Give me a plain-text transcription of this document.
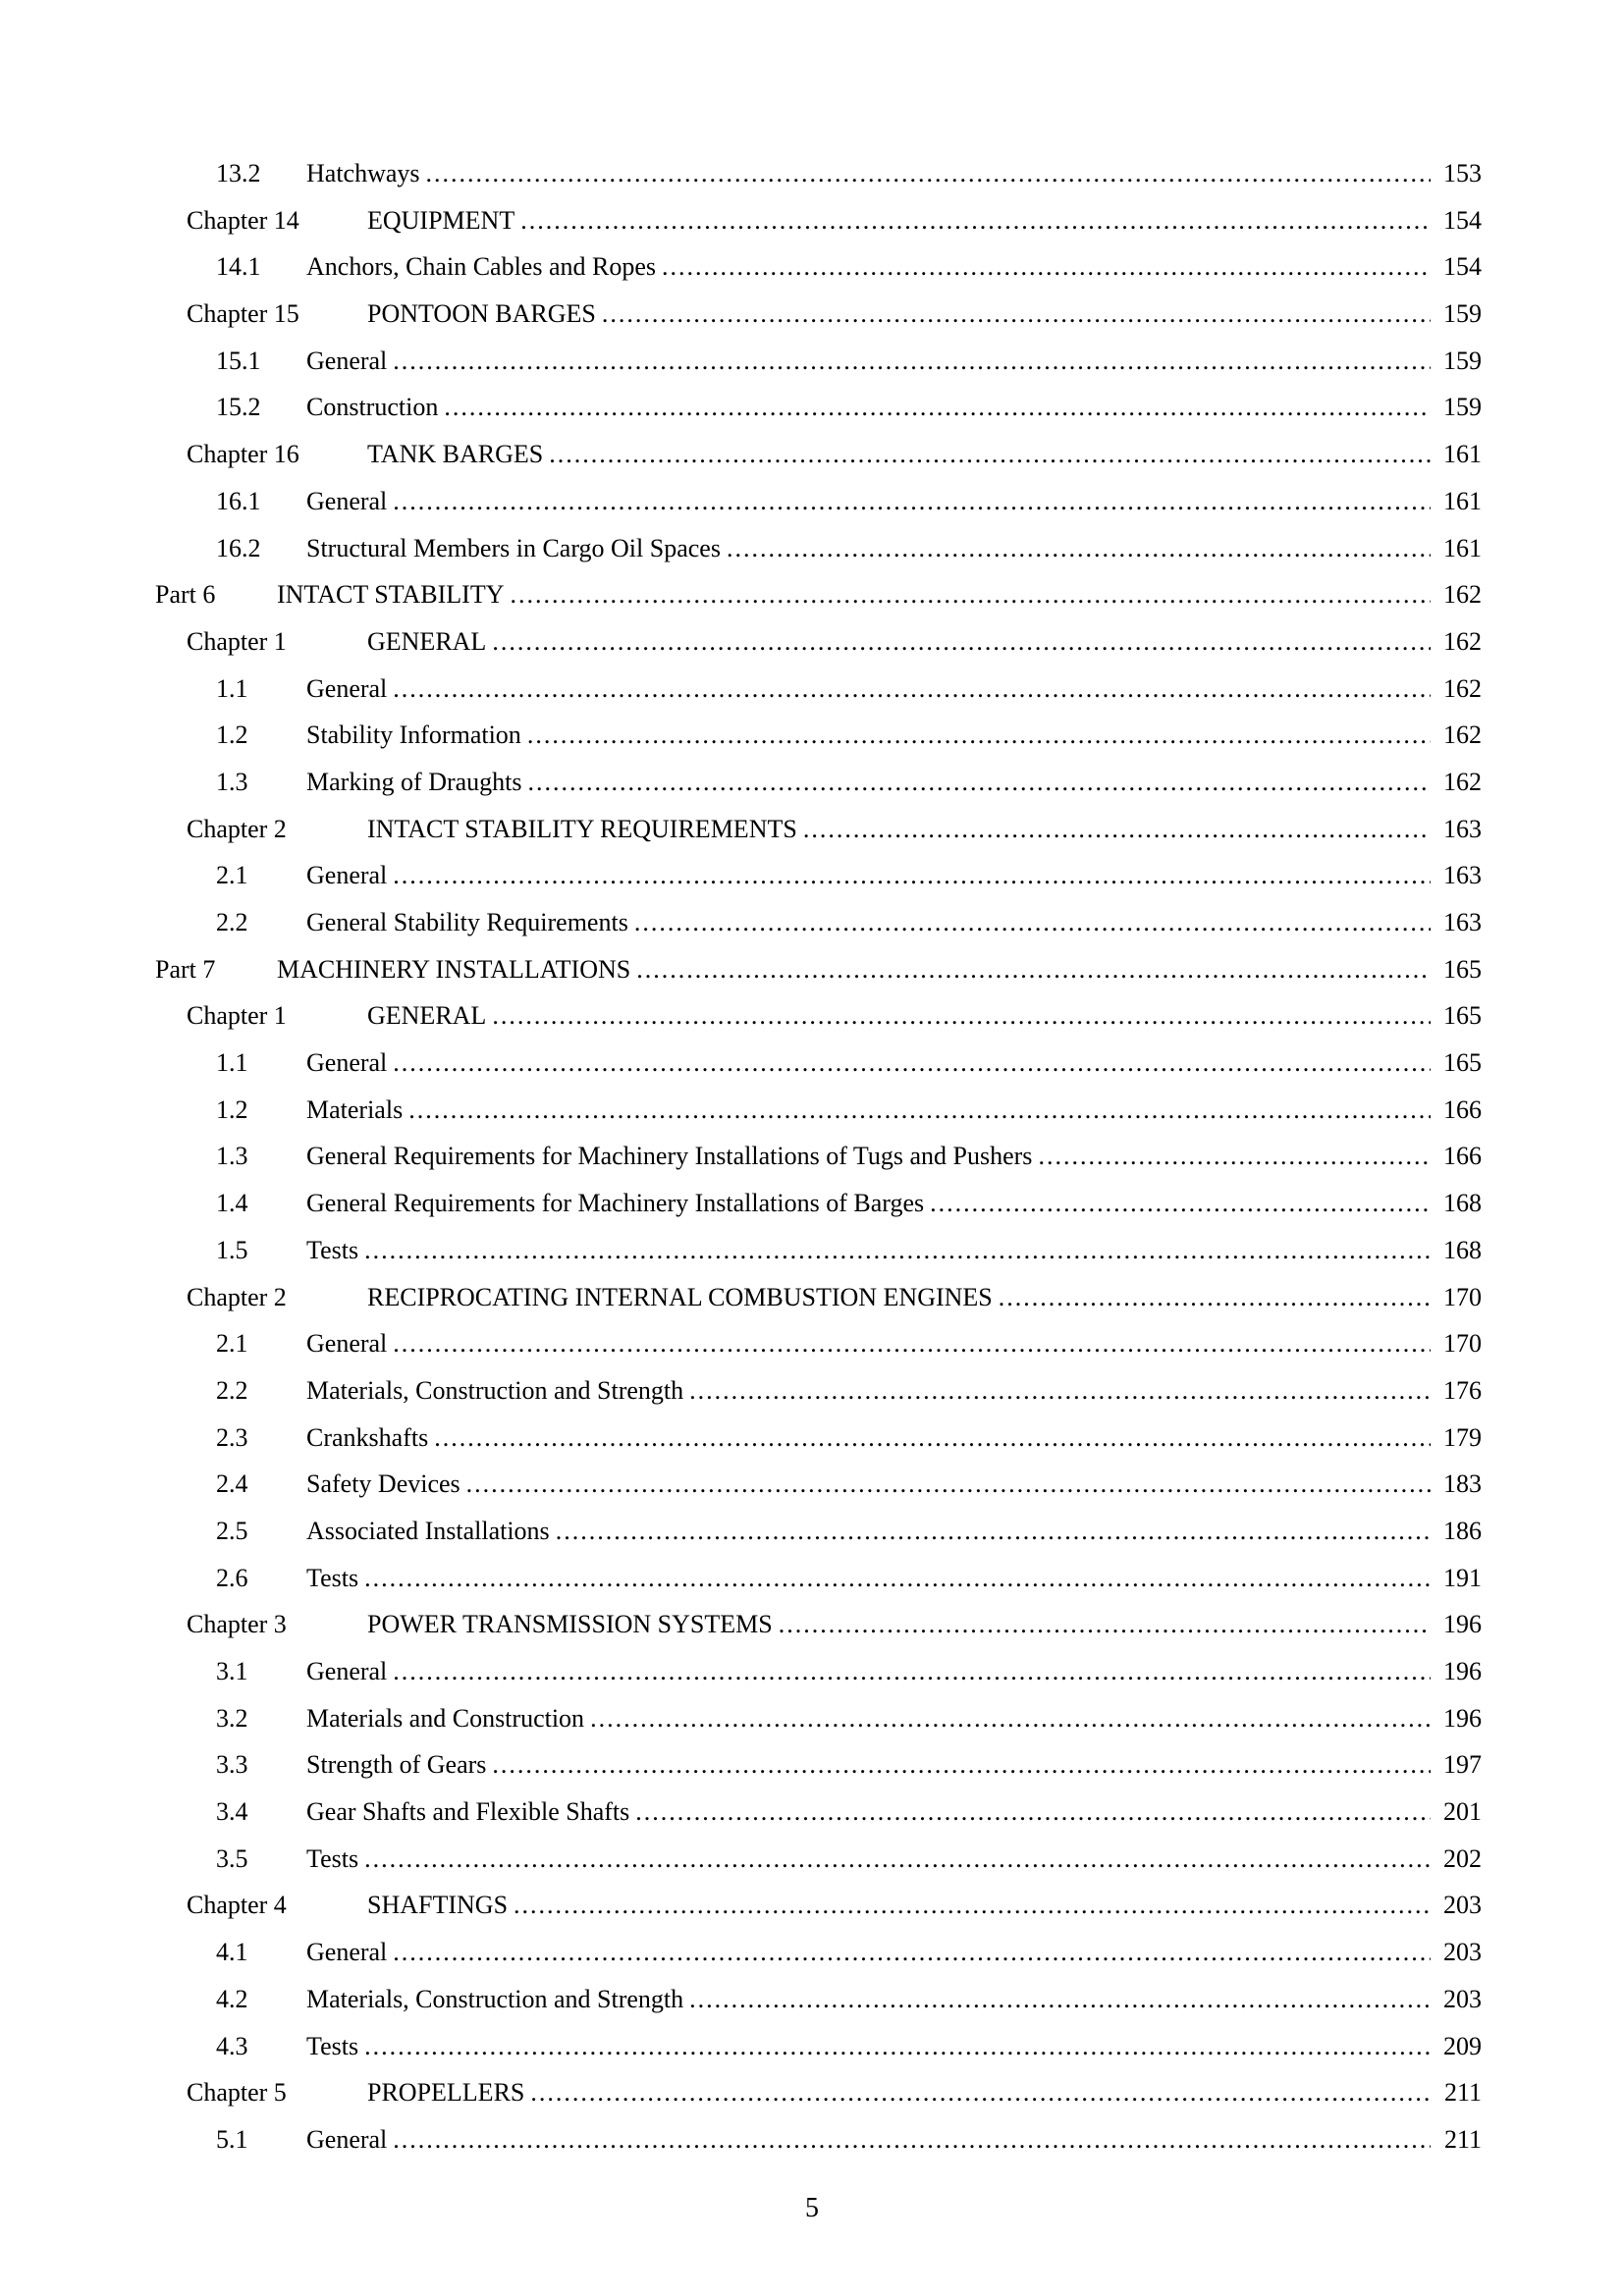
13.2 Hatchways .....	153
Chapter 14	EQUIPMENT .....	154
14.1 Anchors, Chain Cables and Ropes .....	154
Chapter 15	PONTOON BARGES .....	159
15.1 General .....	159
15.2 Construction .....	159
Chapter 16	TANK BARGES .....	161
16.1 General .....	161
16.2 Structural Members in Cargo Oil Spaces .....	161
Part 6 INTACT STABILITY .....	162
Chapter 1	GENERAL .....	162
1.1 General .....	162
1.2 Stability Information .....	162
1.3 Marking of Draughts .....	162
Chapter 2	INTACT STABILITY REQUIREMENTS .....	163
2.1 General .....	163
2.2 General Stability Requirements .....	163
Part 7 MACHINERY INSTALLATIONS .....	165
Chapter 1	GENERAL .....	165
1.1 General .....	165
1.2 Materials .....	166
1.3 General Requirements for Machinery Installations of Tugs and Pushers .....	166
1.4 General Requirements for Machinery Installations of Barges .....	168
1.5 Tests .....	168
Chapter 2	RECIPROCATING INTERNAL COMBUSTION ENGINES .....	170
2.1 General .....	170
2.2 Materials, Construction and Strength .....	176
2.3 Crankshafts .....	179
2.4 Safety Devices .....	183
2.5 Associated Installations .....	186
2.6 Tests .....	191
Chapter 3	POWER TRANSMISSION SYSTEMS .....	196
3.1 General .....	196
3.2 Materials and Construction .....	196
3.3 Strength of Gears .....	197
3.4 Gear Shafts and Flexible Shafts .....	201
3.5 Tests .....	202
Chapter 4	SHAFTINGS .....	203
4.1 General .....	203
4.2 Materials, Construction and Strength .....	203
4.3 Tests .....	209
Chapter 5	PROPELLERS .....	211
5.1 General .....	211
5
